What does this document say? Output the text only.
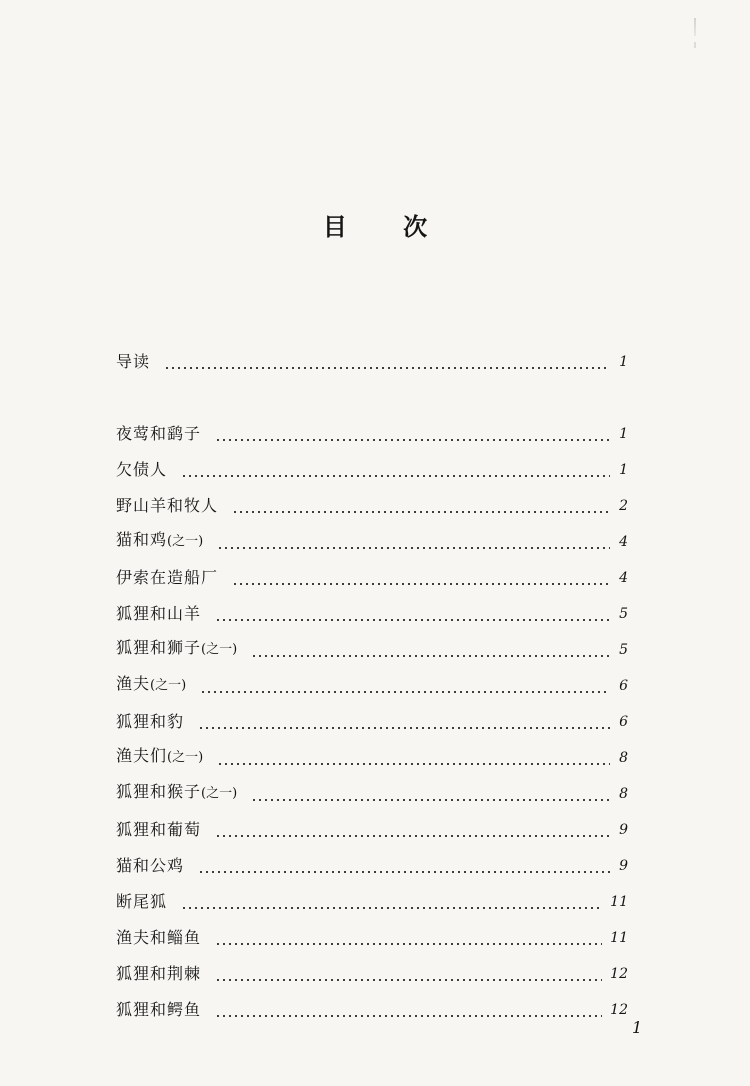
目 次
导读	1
夜莺和鹞子	1
欠债人	1
野山羊和牧人	2
猫和鸡(之一)	4
伊索在造船厂	4
狐狸和山羊	5
狐狸和狮子(之一)	5
渔夫(之一)	6
狐狸和豹	6
渔夫们(之一)	8
狐狸和猴子(之一)	8
狐狸和葡萄	9
猫和公鸡	9
断尾狐	11
渔夫和鲻鱼	11
狐狸和荆棘	12
狐狸和鳄鱼	12
1
